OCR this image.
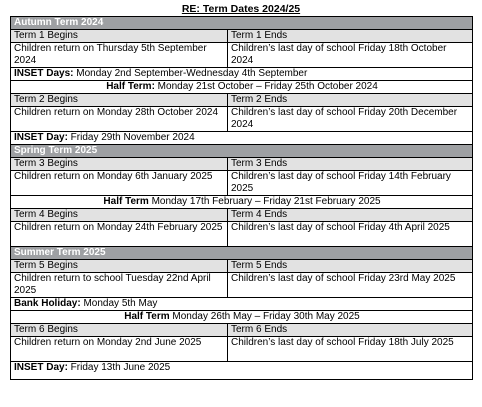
RE: Term Dates 2024/25
Autumn Term 2024	
Term 1 Begins	Term 1 Ends
Children return on Thursday 5th September 2024	Children’s last day of school Friday 18th October 2024
INSET Days: Monday 2nd September-Wednesday 4th September	
Half Term: Monday 21st October – Friday 25th October 2024	
Term 2 Begins	Term 2 Ends
Children return on Monday 28th October 2024	Children’s last day of school Friday 20th December 2024
INSET Day: Friday 29th November 2024	
Spring Term 2025	
Term 3 Begins	Term 3 Ends
Children return on Monday 6th January 2025	Children’s last day of school Friday 14th February 2025
Half Term Monday 17th February – Friday 21st February 2025	
Term 4 Begins	Term 4 Ends
Children return on Monday 24th February 2025	Children’s last day of school Friday 4th April 2025
Summer Term 2025	
Term 5 Begins	Term 5 Ends
Children return to school Tuesday 22nd April 2025	Children’s last day of school Friday 23rd May 2025
Bank Holiday: Monday 5th May	
Half Term Monday 26th May – Friday 30th May 2025	
Term 6 Begins	Term 6 Ends
Children return on Monday 2nd June 2025	Children’s last day of school Friday 18th July 2025
INSET Day: Friday 13th June 2025	
